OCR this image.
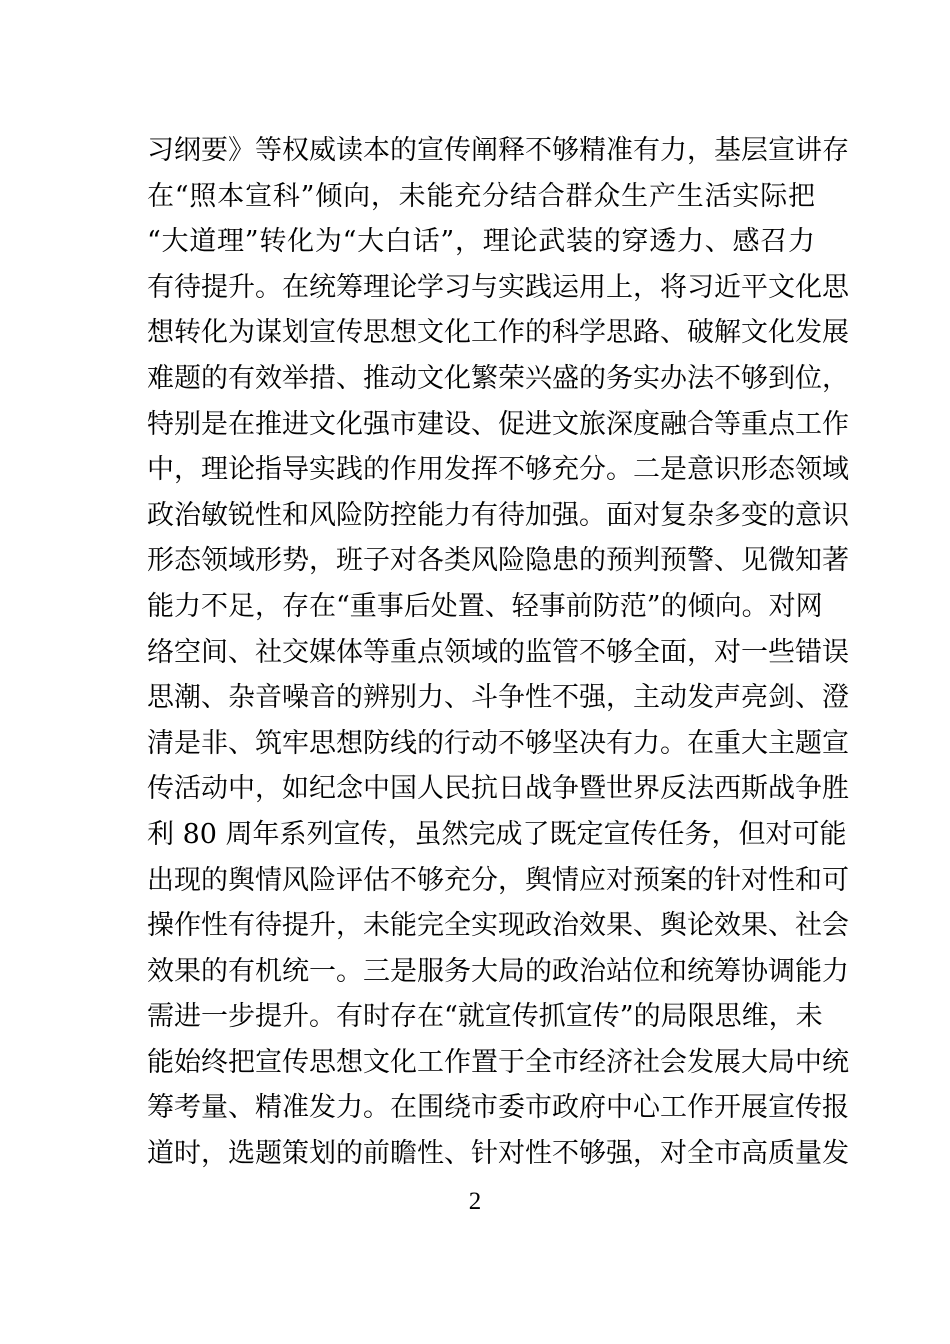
习纲要》等权威读本的宣传阐释不够精准有力，基层宣讲存
在“照本宣科”倾向，未能充分结合群众生产生活实际把
“大道理”转化为“大白话”，理论武装的穿透力、感召力
有待提升。在统筹理论学习与实践运用上，将习近平文化思
想转化为谋划宣传思想文化工作的科学思路、破解文化发展
难题的有效举措、推动文化繁荣兴盛的务实办法不够到位，
特别是在推进文化强市建设、促进文旅深度融合等重点工作
中，理论指导实践的作用发挥不够充分。二是意识形态领域
政治敏锐性和风险防控能力有待加强。面对复杂多变的意识
形态领域形势，班子对各类风险隐患的预判预警、见微知著
能力不足，存在“重事后处置、轻事前防范”的倾向。对网
络空间、社交媒体等重点领域的监管不够全面，对一些错误
思潮、杂音噪音的辨别力、斗争性不强，主动发声亮剑、澄
清是非、筑牢思想防线的行动不够坚决有力。在重大主题宣
传活动中，如纪念中国人民抗日战争暨世界反法西斯战争胜
利 80 周年系列宣传，虽然完成了既定宣传任务，但对可能
出现的舆情风险评估不够充分，舆情应对预案的针对性和可
操作性有待提升，未能完全实现政治效果、舆论效果、社会
效果的有机统一。三是服务大局的政治站位和统筹协调能力
需进一步提升。有时存在“就宣传抓宣传”的局限思维，未
能始终把宣传思想文化工作置于全市经济社会发展大局中统
筹考量、精准发力。在围绕市委市政府中心工作开展宣传报
道时，选题策划的前瞻性、针对性不够强，对全市高质量发
2
